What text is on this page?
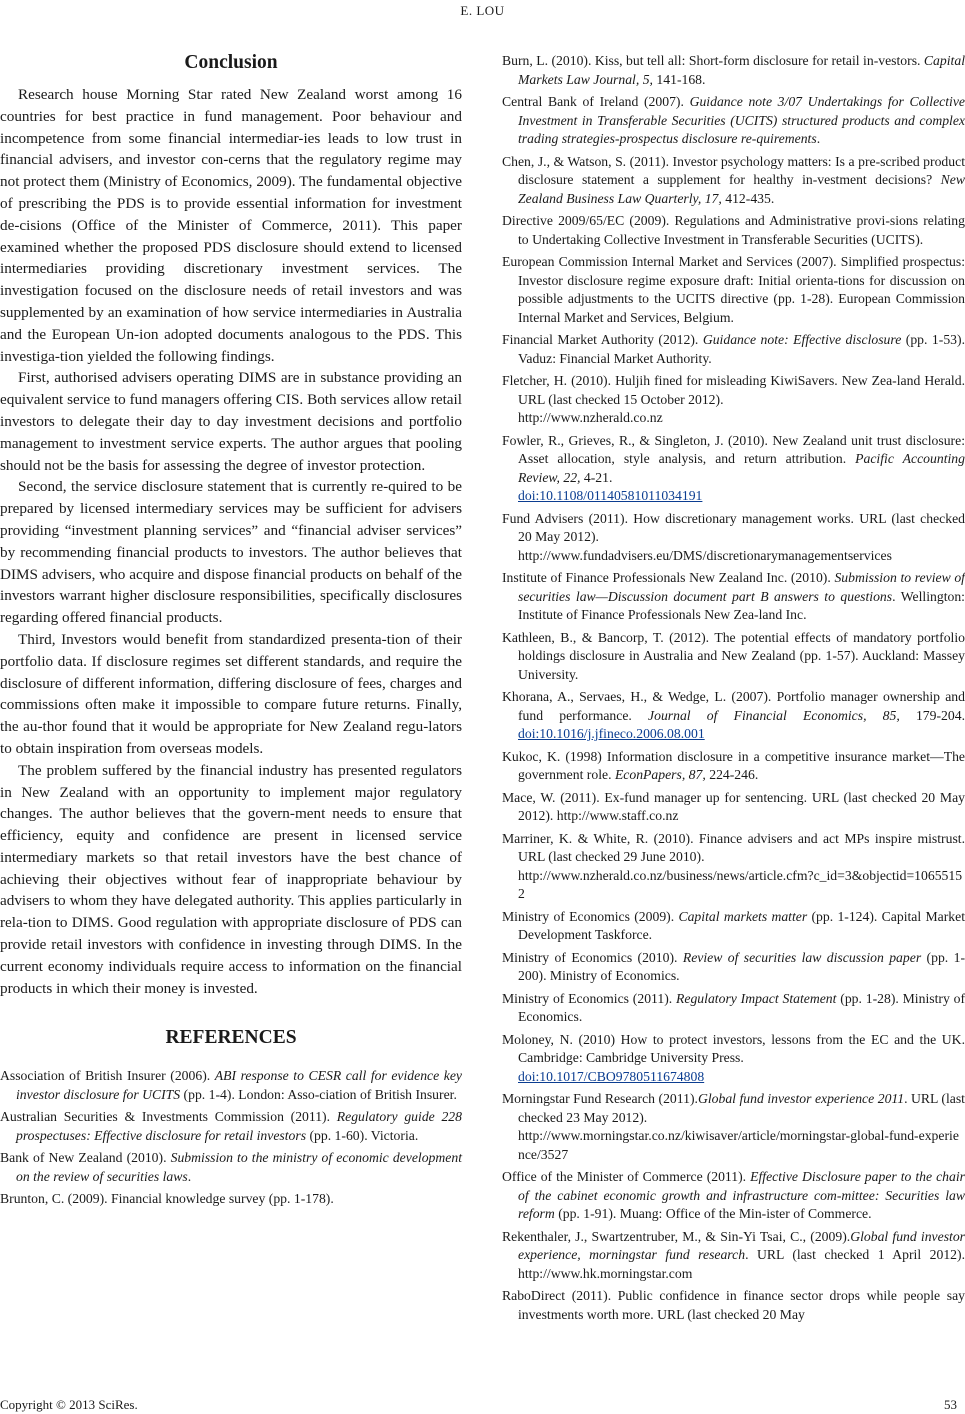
E. LOU
Conclusion

Research house Morning Star rated New Zealand worst among 16 countries for best practice in fund management. Poor behaviour and incompetence from some financial intermediar-ies leads to low trust in financial advisers, and investor con-cerns that the regulatory regime may not protect them (Ministry of Economics, 2009). The fundamental objective of prescribing the PDS is to provide essential information for investment de-cisions (Office of the Minister of Commerce, 2011). This paper examined whether the proposed PDS disclosure should extend to licensed intermediaries providing discretionary investment services. The investigation focused on the disclosure needs of retail investors and was supplemented by an examination of how service intermediaries in Australia and the European Un-ion adopted documents analogous to the PDS. This investiga-tion yielded the following findings.

First, authorised advisers operating DIMS are in substance providing an equivalent service to fund managers offering CIS. Both services allow retail investors to delegate their day to day investment decisions and portfolio management to investment service experts. The author argues that pooling should not be the basis for assessing the degree of investor protection.

Second, the service disclosure statement that is currently re-quired to be prepared by licensed intermediary services may be sufficient for advisers providing “investment planning services” and “financial adviser services” by recommending financial products to investors. The author believes that DIMS advisers, who acquire and dispose financial products on behalf of the investors warrant higher disclosure responsibilities, specifically disclosures regarding offered financial products.

Third, Investors would benefit from standardized presenta-tion of their portfolio data. If disclosure regimes set different standards, and require the disclosure of different information, differing disclosure of fees, charges and commissions often make it impossible to compare future returns. Finally, the au-thor found that it would be appropriate for New Zealand regu-lators to obtain inspiration from overseas models.

The problem suffered by the financial industry has presented regulators in New Zealand with an opportunity to implement major regulatory changes. The author believes that the govern-ment needs to ensure that efficiency, equity and confidence are present in licensed service intermediary markets so that retail investors have the best chance of achieving their objectives without fear of inappropriate behaviour by advisers to whom they have delegated authority. This applies particularly in rela-tion to DIMS. Good regulation with appropriate disclosure of PDS can provide retail investors with confidence in investing through DIMS. In the current economy individuals require access to information on the financial products in which their money is invested.

REFERENCES

Association of British Insurer (2006). ABI response to CESR call for evidence key investor disclosure for UCITS (pp. 1-4). London: Asso-ciation of British Insurer.

Australian Securities & Investments Commission (2011). Regulatory guide 228 prospectuses: Effective disclosure for retail investors (pp. 1-60). Victoria.

Bank of New Zealand (2010). Submission to the ministry of economic development on the review of securities laws.

Brunton, C. (2009). Financial knowledge survey (pp. 1-178).

Burn, L. (2010). Kiss, but tell all: Short-form disclosure for retail in-vestors. Capital Markets Law Journal, 5, 141-168.

Central Bank of Ireland (2007). Guidance note 3/07 Undertakings for Collective Investment in Transferable Securities (UCITS) structured products and complex trading strategies-prospectus disclosure re-quirements.

Chen, J., & Watson, S. (2011). Investor psychology matters: Is a pre-scribed product disclosure statement a supplement for healthy in-vestment decisions? New Zealand Business Law Quarterly, 17, 412-435.

Directive 2009/65/EC (2009). Regulations and Administrative provi-sions relating to Undertaking Collective Investment in Transferable Securities (UCITS).

European Commission Internal Market and Services (2007). Simplified prospectus: Investor disclosure regime exposure draft: Initial orienta-tions for discussion on possible adjustments to the UCITS directive (pp. 1-28). European Commission Internal Market and Services, Belgium.

Financial Market Authority (2012). Guidance note: Effective disclosure (pp. 1-53). Vaduz: Financial Market Authority.

Fletcher, H. (2010). Huljih fined for misleading KiwiSavers. New Zea-land Herald. URL (last checked 15 October 2012).
http://www.nzherald.co.nz

Fowler, R., Grieves, R., & Singleton, J. (2010). New Zealand unit trust disclosure: Asset allocation, style analysis, and return attribution. Pacific Accounting Review, 22, 4-21.
doi:10.1108/01140581011034191

Fund Advisers (2011). How discretionary management works. URL (last checked 20 May 2012).
http://www.fundadvisers.eu/DMS/discretionarymanagementservices

Institute of Finance Professionals New Zealand Inc. (2010). Submission to review of securities law—Discussion document part B answers to questions. Wellington: Institute of Finance Professionals New Zea-land Inc.

Kathleen, B., & Bancorp, T. (2012). The potential effects of mandatory portfolio holdings disclosure in Australia and New Zealand (pp. 1-57). Auckland: Massey University.

Khorana, A., Servaes, H., & Wedge, L. (2007). Portfolio manager ownership and fund performance. Journal of Financial Economics, 85, 179-204. doi:10.1016/j.jfineco.2006.08.001

Kukoc, K. (1998) Information disclosure in a competitive insurance market—The government role. EconPapers, 87, 224-246.

Mace, W. (2011). Ex-fund manager up for sentencing. URL (last checked 20 May 2012). http://www.staff.co.nz

Marriner, K. & White, R. (2010). Finance advisers and act MPs inspire mistrust. URL (last checked 29 June 2010).
http://www.nzherald.co.nz/business/news/article.cfm?c_id=3&objectid=10655152

Ministry of Economics (2009). Capital markets matter (pp. 1-124). Capital Market Development Taskforce.

Ministry of Economics (2010). Review of securities law discussion paper (pp. 1-200). Ministry of Economics.

Ministry of Economics (2011). Regulatory Impact Statement (pp. 1-28). Ministry of Economics.

Moloney, N. (2010) How to protect investors, lessons from the EC and the UK. Cambridge: Cambridge University Press.
doi:10.1017/CBO9780511674808

Morningstar Fund Research (2011).Global fund investor experience 2011. URL (last checked 23 May 2012).
http://www.morningstar.co.nz/kiwisaver/article/morningstar-global-fund-experience/3527

Office of the Minister of Commerce (2011). Effective Disclosure paper to the chair of the cabinet economic growth and infrastructure com-mittee: Securities law reform (pp. 1-91). Muang: Office of the Min-ister of Commerce.

Rekenthaler, J., Swartzentruber, M., & Sin-Yi Tsai, C., (2009).Global fund investor experience, morningstar fund research. URL (last checked 1 April 2012). http://www.hk.morningstar.com

RaboDirect (2011). Public confidence in finance sector drops while people say investments worth more. URL (last checked 20 May

Copyright © 2013 SciRes.	53
